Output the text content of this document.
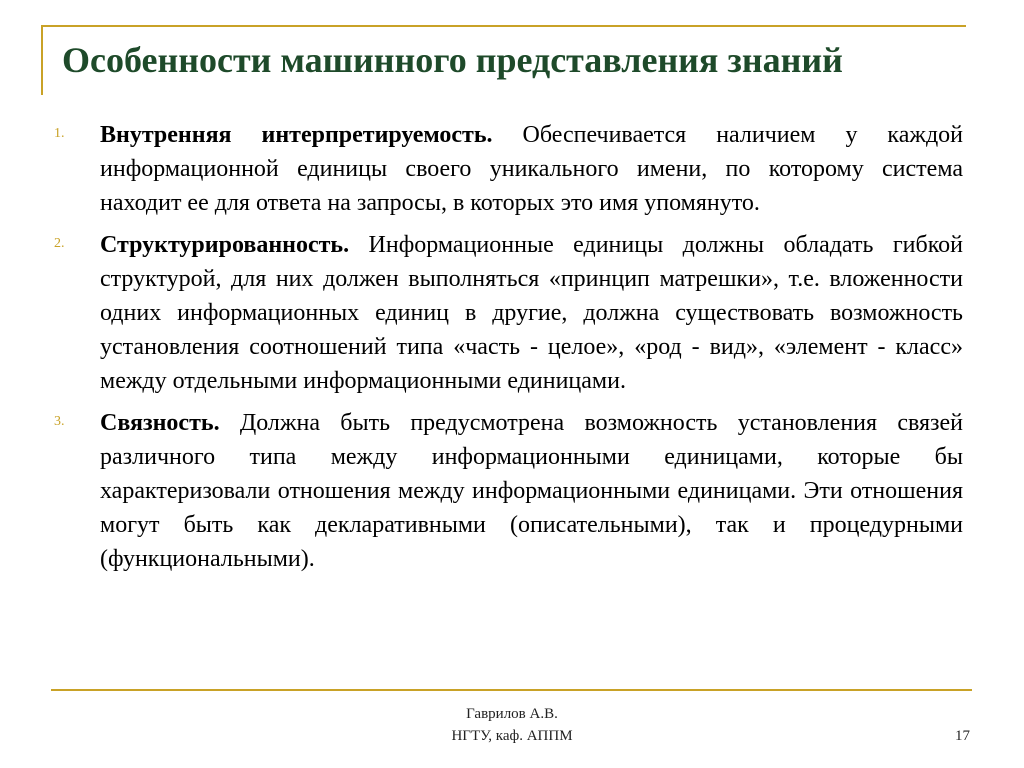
Особенности машинного представления знаний
1. Внутренняя интерпретируемость. Обеспечивается наличием у каждой информационной единицы своего уникального имени, по которому система находит ее для ответа на запросы, в которых это имя упомянуто.

2. Структурированность. Информационные единицы должны обладать гибкой структурой, для них должен выполняться «принцип матрешки», т.е. вложенности одних информационных единиц в другие, должна существовать возможность установления соотношений типа «часть - целое», «род - вид», «элемент - класс» между отдельными информационными единицами.

3. Связность. Должна быть предусмотрена возможность установления связей различного типа между информационными единицами, которые бы характеризовали отношения между информационными единицами. Эти отношения могут быть как декларативными (описательными), так и процедурными (функциональными).

Гаврилов А.В.
НГТУ, каф. АППМ	17
